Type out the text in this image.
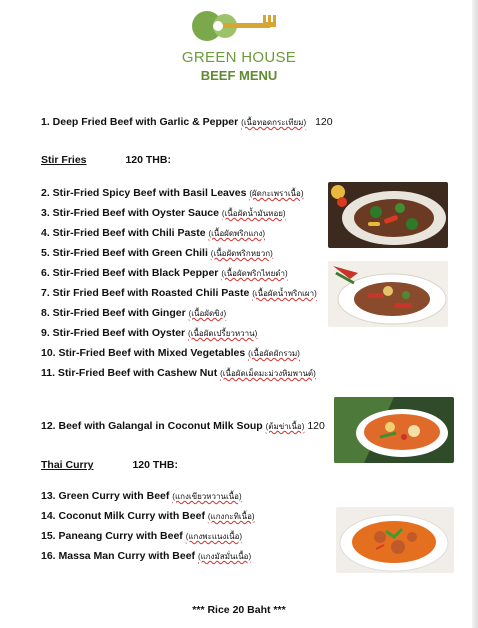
GREEN HOUSE
BEEF MENU
1. Deep Fried Beef with Garlic & Pepper (เนื้อทอดกระเทียม) 120
Stir Fries	120 THB:
2. Stir-Fried Spicy Beef with Basil Leaves (ผัดกะเพราเนื้อ)
3. Stir-Fried Beef with Oyster Sauce (เนื้อผัดน้ำมันหอย)
4. Stir-Fried Beef with Chili Paste (เนื้อผัดพริกแกง)
5. Stir-Fried Beef with Green Chili (เนื้อผัดพริกหยวก)
6. Stir-Fried Beef with Black Pepper (เนื้อผัดพริกไทยดำ)
7. Stir Fried Beef with Roasted Chili Paste (เนื้อผัดน้ำพริกเผา)
8. Stir-Fried Beef with Ginger (เนื้อผัดขิง)
9. Stir-Fried Beef with Oyster (เนื้อผัดเปรี้ยวหวาน)
10. Stir-Fried Beef with Mixed Vegetables (เนื้อผัดผักรวม)
11. Stir-Fried Beef with Cashew Nut (เนื้อผัดเม็ดมะม่วงหิมพานต์)
12. Beef with Galangal in Coconut Milk Soup (ต้มข่าเนื้อ) 120
Thai Curry	120 THB:
13. Green Curry with Beef (แกงเขียวหวานเนื้อ)
14. Coconut Milk Curry with Beef (แกงกะทิเนื้อ)
15. Paneang Curry with Beef (แกงพะแนงเนื้อ)
16. Massa Man Curry with Beef (แกงมัสมั่นเนื้อ)
*** Rice 20 Baht ***
